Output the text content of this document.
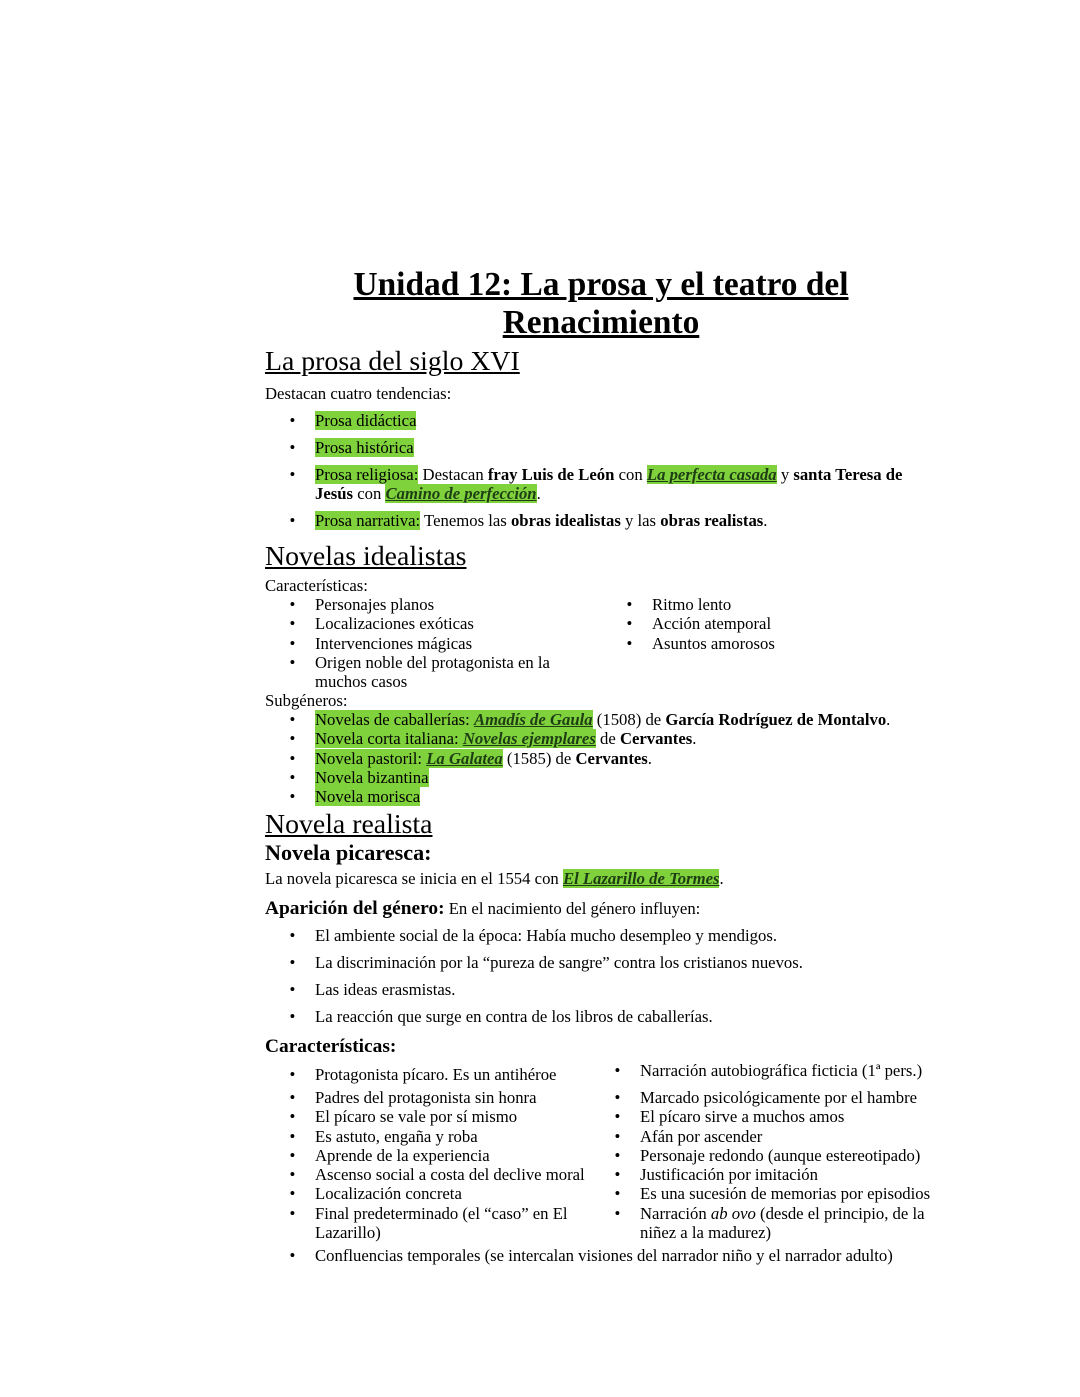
Unidad 12: La prosa y el teatro del
Renacimiento
La prosa del siglo XVI
Destacan cuatro tendencias:
• Prosa didáctica
• Prosa histórica
• Prosa religiosa: Destacan fray Luis de León con La perfecta casada y santa Teresa de
Jesús con Camino de perfección.
• Prosa narrativa: Tenemos las obras idealistas y las obras realistas.
Novelas idealistas
Características:
• Personajes planos
• Localizaciones exóticas
• Intervenciones mágicas
• Origen noble del protagonista en la
muchos casos
• Ritmo lento
• Acción atemporal
• Asuntos amorosos
Subgéneros:
• Novelas de caballerías: Amadís de Gaula (1508) de García Rodríguez de Montalvo.
• Novela corta italiana: Novelas ejemplares de Cervantes.
• Novela pastoril: La Galatea (1585) de Cervantes.
• Novela bizantina
• Novela morisca
Novela realista
Novela picaresca:
La novela picaresca se inicia en el 1554 con El Lazarillo de Tormes.
Aparición del género: En el nacimiento del género influyen:
• El ambiente social de la época: Había mucho desempleo y mendigos.
• La discriminación por la “pureza de sangre” contra los cristianos nuevos.
• Las ideas erasmistas.
• La reacción que surge en contra de los libros de caballerías.
Características:
• Protagonista pícaro. Es un antihéroe
• Padres del protagonista sin honra
• El pícaro se vale por sí mismo
• Es astuto, engaña y roba
• Aprende de la experiencia
• Ascenso social a costa del declive moral
• Localización concreta
• Final predeterminado (el “caso” en El
Lazarillo)
• Narración autobiográfica ficticia (1ª pers.)
• Marcado psicológicamente por el hambre
• El pícaro sirve a muchos amos
• Afán por ascender
• Personaje redondo (aunque estereotipado)
• Justificación por imitación
• Es una sucesión de memorias por episodios
• Narración ab ovo (desde el principio, de la
niñez a la madurez)
• Confluencias temporales (se intercalan visiones del narrador niño y el narrador adulto)
